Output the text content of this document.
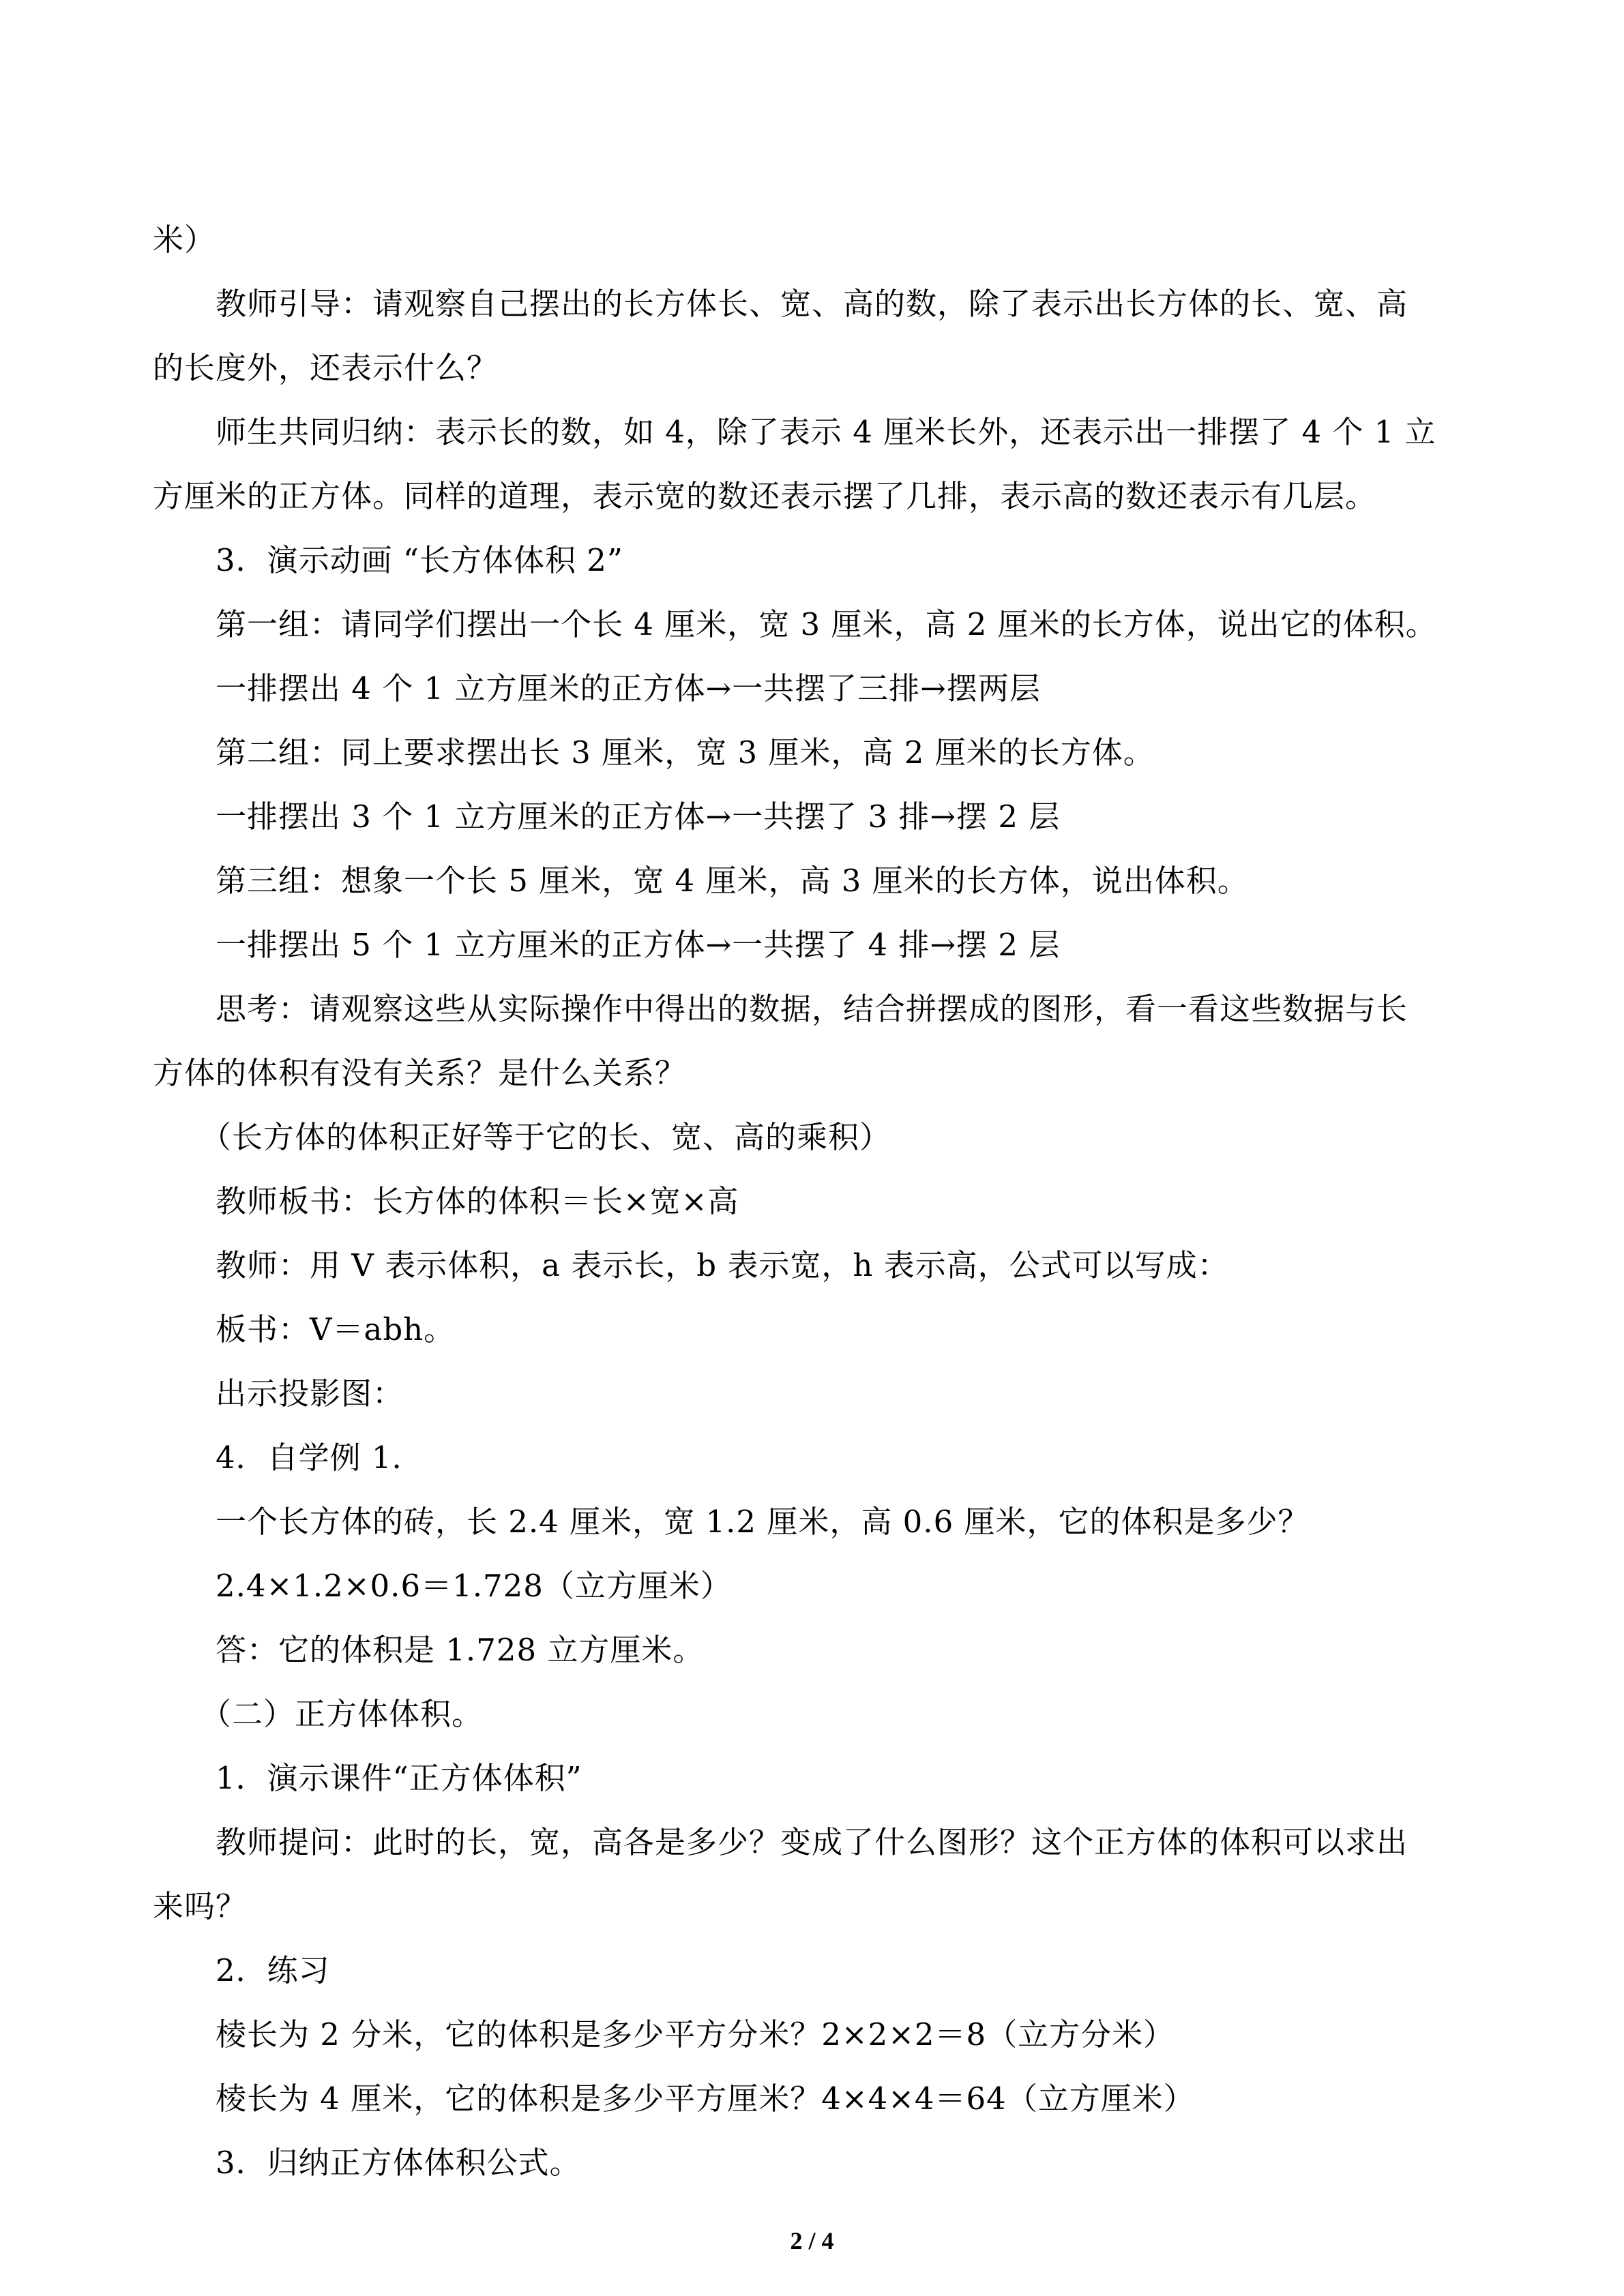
米）

教师引导：请观察自己摆出的长方体长、宽、高的数，除了表示出长方体的长、宽、高

的长度外，还表示什么？

师生共同归纳：表示长的数，如 4，除了表示 4 厘米长外，还表示出一排摆了 4 个 1 立

方厘米的正方体。同样的道理，表示宽的数还表示摆了几排，表示高的数还表示有几层。

3．演示动画 “长方体体积 2”

第一组：请同学们摆出一个长 4 厘米，宽 3 厘米，高 2 厘米的长方体，说出它的体积。

一排摆出 4 个 1 立方厘米的正方体→一共摆了三排→摆两层

第二组：同上要求摆出长 3 厘米，宽 3 厘米，高 2 厘米的长方体。

一排摆出 3 个 1 立方厘米的正方体→一共摆了 3 排→摆 2 层

第三组：想象一个长 5 厘米，宽 4 厘米，高 3 厘米的长方体，说出体积。

一排摆出 5 个 1 立方厘米的正方体→一共摆了 4 排→摆 2 层

思考：请观察这些从实际操作中得出的数据，结合拼摆成的图形，看一看这些数据与长

方体的体积有没有关系？是什么关系？

（长方体的体积正好等于它的长、宽、高的乘积）

教师板书：长方体的体积＝长×宽×高

教师：用 V 表示体积，a 表示长，b 表示宽，h 表示高，公式可以写成：

板书：V＝abh。

出示投影图：

4．自学例 1．

一个长方体的砖，长 2.4 厘米，宽 1.2 厘米，高 0.6 厘米，它的体积是多少？

2.4×1.2×0.6＝1.728（立方厘米）

答：它的体积是 1.728 立方厘米。

（二）正方体体积。

1．演示课件“正方体体积”

教师提问：此时的长，宽，高各是多少？变成了什么图形？这个正方体的体积可以求出

来吗？

2．练习

棱长为 2 分米，它的体积是多少平方分米？2×2×2＝8（立方分米）

棱长为 4 厘米，它的体积是多少平方厘米？4×4×4＝64（立方厘米）

3．归纳正方体体积公式。

2 / 4
